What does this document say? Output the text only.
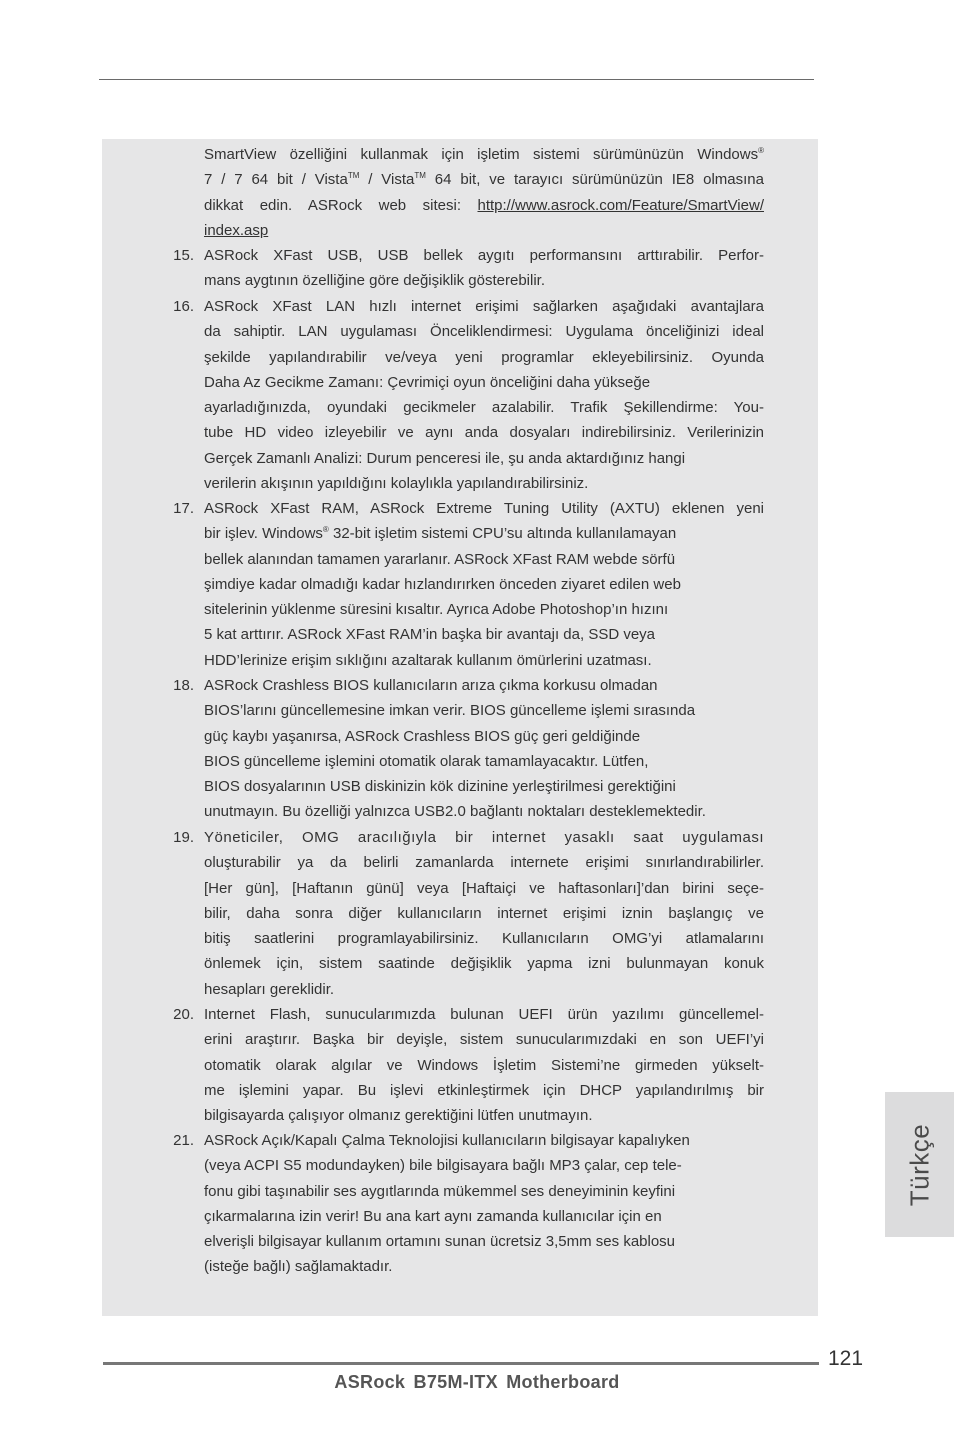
SmartView özelliğini kullanmak için işletim sistemi sürümünüzün Windows®
7 / 7 64 bit / Vista™ / Vista™ 64 bit, ve tarayıcı sürümünüzün IE8 olmasına
dikkat edin. ASRock web sitesi: http://www.asrock.com/Feature/SmartView/
index.asp
15. ASRock XFast USB, USB bellek aygıtı performansını arttırabilir. Perfor-
mans aygtının özelliğine göre değişiklik gösterebilir.
16. ASRock XFast LAN hızlı internet erişimi sağlarken aşağıdaki avantajlara
da sahiptir. LAN uygulaması Önceliklendirmesi: Uygulama önceliğinizi ideal
şekilde yapılandırabilir ve/veya yeni programlar ekleyebilirsiniz. Oyunda
Daha Az Gecikme Zamanı: Çevrimiçi oyun önceliğini daha yükseğe
ayarladığınızda, oyundaki gecikmeler azalabilir. Trafik Şekillendirme: You-
tube HD video izleyebilir ve aynı anda dosyaları indirebilirsiniz. Verilerinizin
Gerçek Zamanlı Analizi: Durum penceresi ile, şu anda aktardığınız hangi
verilerin akışının yapıldığını kolaylıkla yapılandırabilirsiniz.
17. ASRock XFast RAM, ASRock Extreme Tuning Utility (AXTU) eklenen yeni
bir işlev. Windows® 32-bit işletim sistemi CPU’su altında kullanılamayan
bellek alanından tamamen yararlanır. ASRock XFast RAM webde sörfü
şimdiye kadar olmadığı kadar hızlandırırken önceden ziyaret edilen web
sitelerinin yüklenme süresini kısaltır. Ayrıca Adobe Photoshop’ın hızını
5 kat arttırır. ASRock XFast RAM’in başka bir avantajı da, SSD veya
HDD’lerinize erişim sıklığını azaltarak kullanım ömürlerini uzatması.
18. ASRock Crashless BIOS kullanıcıların arıza çıkma korkusu olmadan
BIOS’larını güncellemesine imkan verir. BIOS güncelleme işlemi sırasında
güç kaybı yaşanırsa, ASRock Crashless BIOS güç geri geldiğinde
BIOS güncelleme işlemini otomatik olarak tamamlayacaktır. Lütfen,
BIOS dosyalarının USB diskinizin kök dizinine yerleştirilmesi gerektiğini
unutmayın. Bu özelliği yalnızca USB2.0 bağlantı noktaları desteklemektedir.
19. Yöneticiler, OMG aracılığıyla bir internet yasaklı saat uygulaması
oluşturabilir ya da belirli zamanlarda internete erişimi sınırlandırabilirler.
[Her gün], [Haftanın günü] veya [Haftaiçi ve haftasonları]’dan birini seçe-
bilir, daha sonra diğer kullanıcıların internet erişimi iznin başlangıç ve
bitiş saatlerini programlayabilirsiniz. Kullanıcıların OMG’yi atlamalarını
önlemek için, sistem saatinde değişiklik yapma izni bulunmayan konuk
hesapları gereklidir.
20. Internet Flash, sunucularımızda bulunan UEFI ürün yazılımı güncellemel-
erini araştırır. Başka bir deyişle, sistem sunucularımızdaki en son UEFI’yi
otomatik olarak algılar ve Windows İşletim Sistemi’ne girmeden yükselt-
me işlemini yapar. Bu işlevi etkinleştirmek için DHCP yapılandırılmış bir
bilgisayarda çalışıyor olmanız gerektiğini lütfen unutmayın.
21. ASRock Açık/Kapalı Çalma Teknolojisi kullanıcıların bilgisayar kapalıyken
(veya ACPI S5 modundayken) bile bilgisayara bağlı MP3 çalar, cep tele-
fonu gibi taşınabilir ses aygıtlarında mükemmel ses deneyiminin keyfini
çıkarmalarına izin verir! Bu ana kart aynı zamanda kullanıcılar için en
elverişli bilgisayar kullanım ortamını sunan ücretsiz 3,5mm ses kablosu
(isteğe bağlı) sağlamaktadır.
Türkçe
121
ASRock B75M-ITX Motherboard
